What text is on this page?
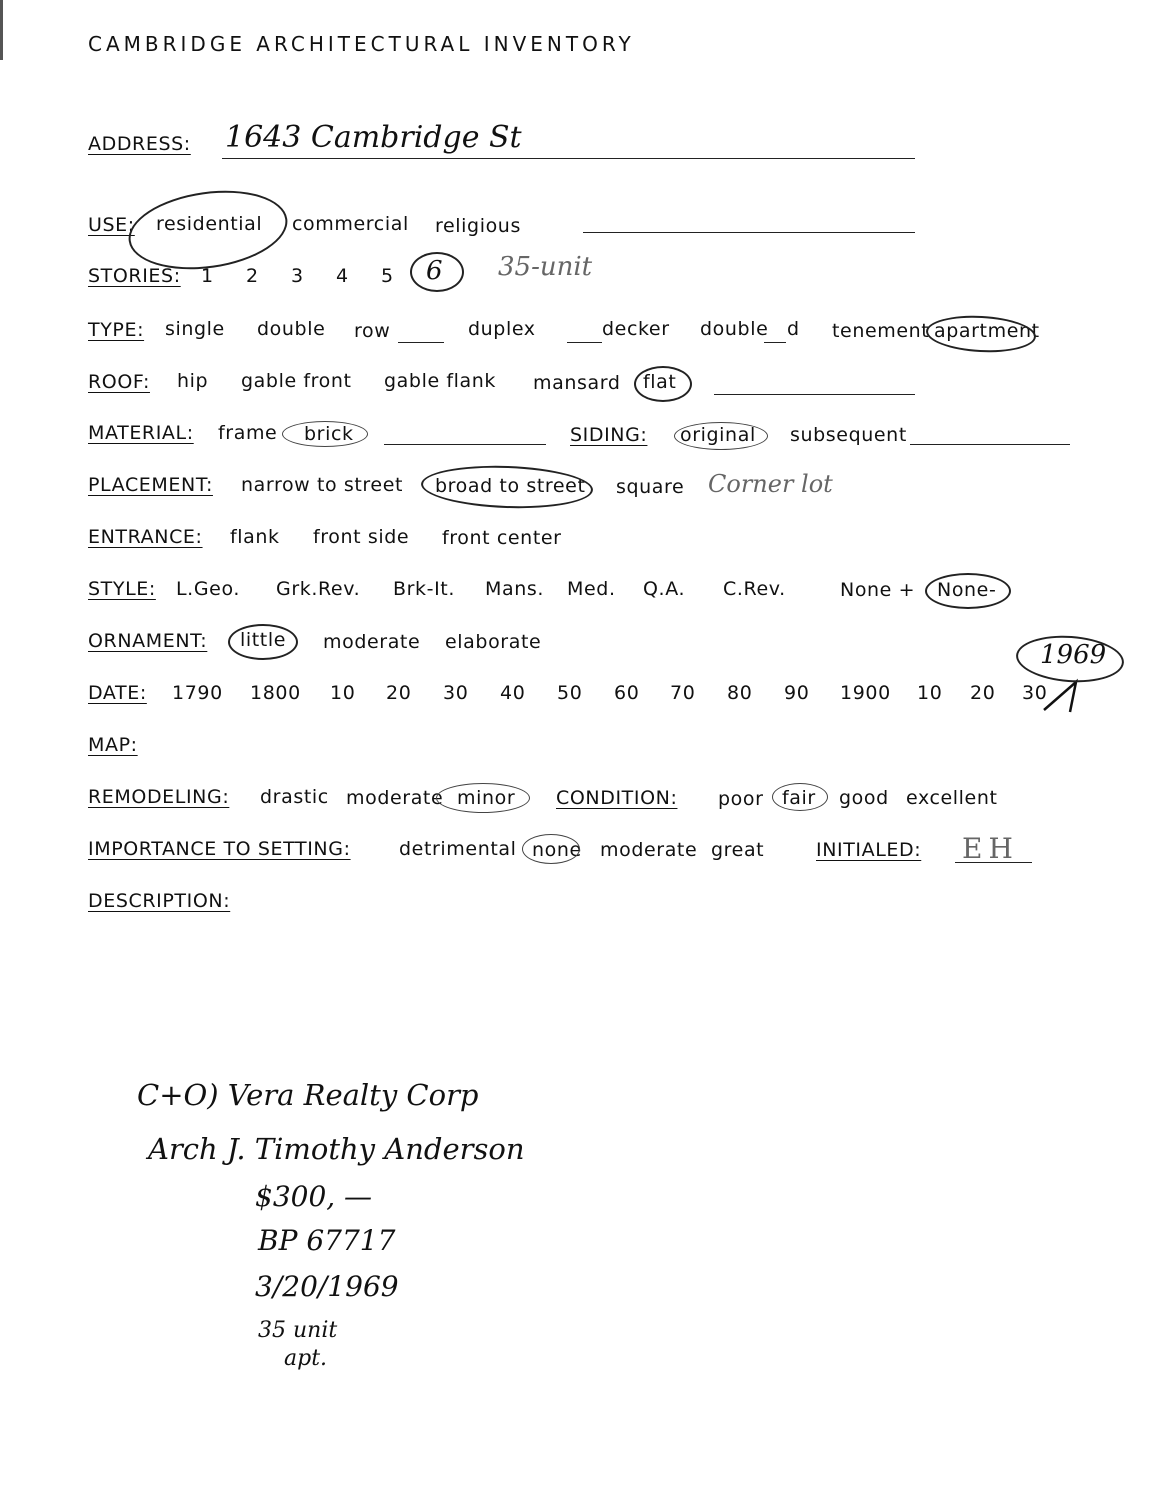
CAMBRIDGE ARCHITECTURAL INVENTORY
ADDRESS: 1643 Cambridge St
USE: residential commercial religious
STORIES: 1 2 3 4 5 6 35-unit
TYPE: single double row	duplex	decker double d tenement apartment
ROOF: hip gable front gable flank mansard flat
MATERIAL: frame brick	SIDING: original subsequent
PLACEMENT: narrow to street broad to street square Corner lot
ENTRANCE: flank front side front center
STYLE: L.Geo. Grk.Rev. Brk-It. Mans. Med. Q.A. C.Rev.	None + None-
ORNAMENT: little moderate elaborate
DATE: 1790 1800 10 20 30 40 50 60 70 80 90 1900 10 20 30
1969
MAP:
REMODELING: drastic moderate minor CONDITION: poor fair good excellent
IMPORTANCE TO SETTING:	detrimental none moderate great	INITIALED: EH
DESCRIPTION:
C+O) Vera Realty Corp
Arch J. Timothy Anderson
$300, —
BP 67717
3/20/1969
35 unit
apt.
